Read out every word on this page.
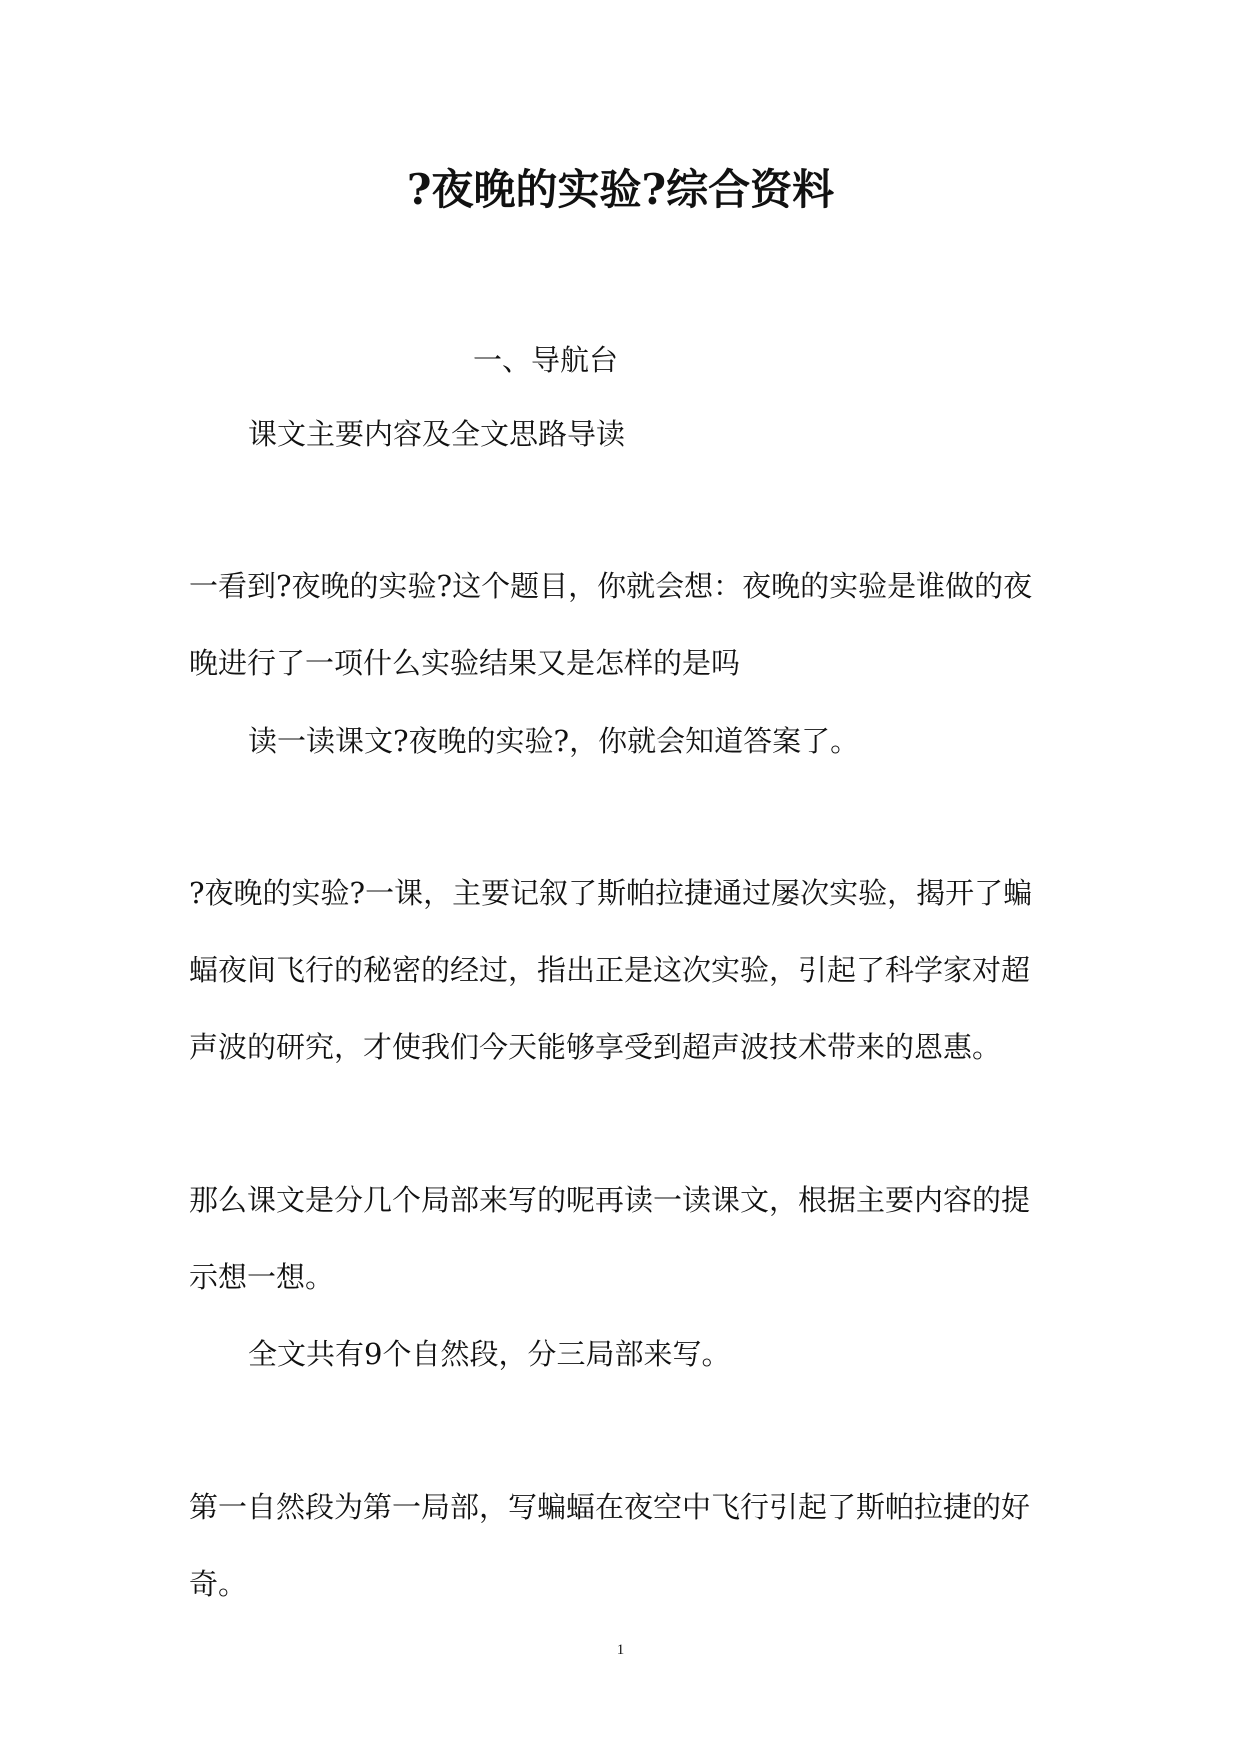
?夜晚的实验?综合资料
一、导航台
课文主要内容及全文思路导读
一看到?夜晚的实验?这个题目，你就会想：夜晚的实验是谁做的夜
晚进行了一项什么实验结果又是怎样的是吗
读一读课文?夜晚的实验?，你就会知道答案了。
?夜晚的实验?一课，主要记叙了斯帕拉捷通过屡次实验，揭开了蝙
蝠夜间飞行的秘密的经过，指出正是这次实验，引起了科学家对超
声波的研究，才使我们今天能够享受到超声波技术带来的恩惠。
那么课文是分几个局部来写的呢再读一读课文，根据主要内容的提
示想一想。
全文共有9个自然段，分三局部来写。
第一自然段为第一局部，写蝙蝠在夜空中飞行引起了斯帕拉捷的好
奇。
1
